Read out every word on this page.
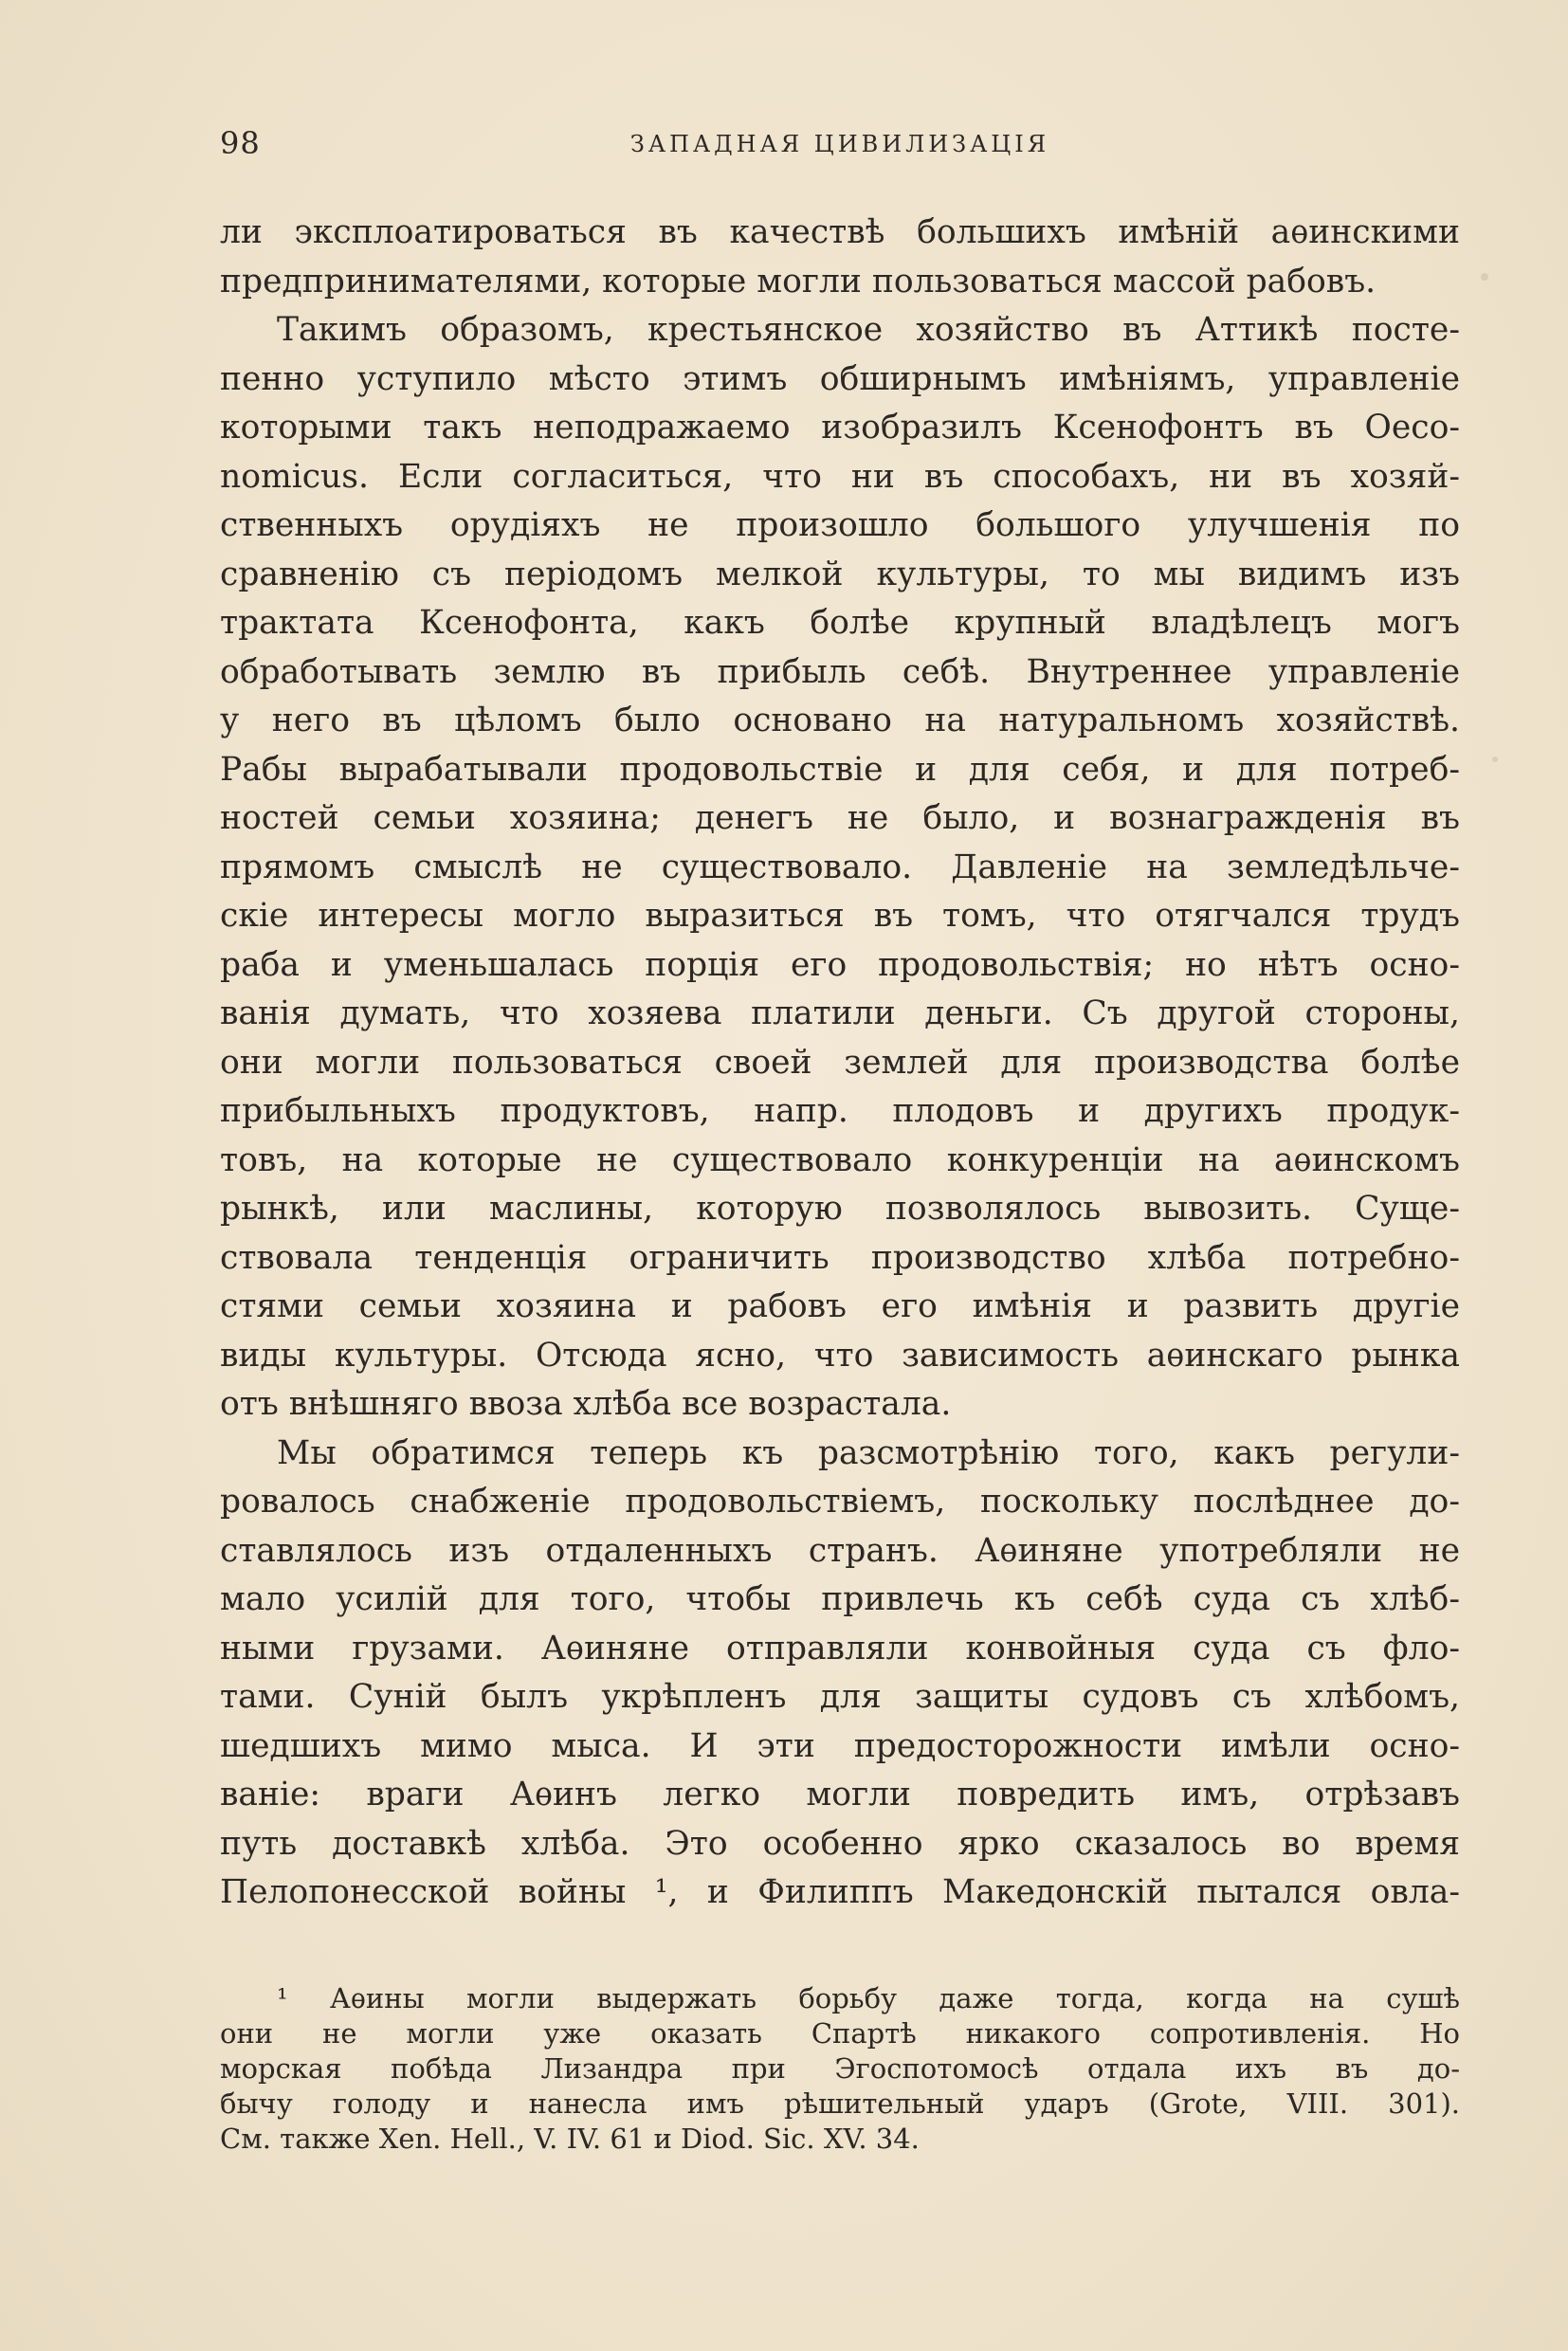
98	ЗАПАДНАЯ ЦИВИЛИЗАЦІЯ
ли эксплоатироваться въ качествѣ большихъ имѣній аѳинскими
предпринимателями, которые могли пользоваться массой рабовъ.
Такимъ образомъ, крестьянское хозяйство въ Аттикѣ посте-
пенно уступило мѣсто этимъ обширнымъ имѣніямъ, управленіе
которыми такъ неподражаемо изобразилъ Ксенофонтъ въ Oeco-
nomicus. Если согласиться, что ни въ способахъ, ни въ хозяй-
ственныхъ орудіяхъ не произошло большого улучшенія по
сравненію съ періодомъ мелкой культуры, то мы видимъ изъ
трактата Ксенофонта, какъ болѣе крупный владѣлецъ могъ
обработывать землю въ прибыль себѣ. Внутреннее управленіе
у него въ цѣломъ было основано на натуральномъ хозяйствѣ.
Рабы вырабатывали продовольствіе и для себя, и для потреб-
ностей семьи хозяина; денегъ не было, и вознагражденія въ
прямомъ смыслѣ не существовало. Давленіе на земледѣльче-
скіе интересы могло выразиться въ томъ, что отягчался трудъ
раба и уменьшалась порція его продовольствія; но нѣтъ осно-
ванія думать, что хозяева платили деньги. Съ другой стороны,
они могли пользоваться своей землей для производства болѣе
прибыльныхъ продуктовъ, напр. плодовъ и другихъ продук-
товъ, на которые не существовало конкуренціи на аѳинскомъ
рынкѣ, или маслины, которую позволялось вывозить. Суще-
ствовала тенденція ограничить производство хлѣба потребно-
стями семьи хозяина и рабовъ его имѣнія и развить другіе
виды культуры. Отсюда ясно, что зависимость аѳинскаго рынка
отъ внѣшняго ввоза хлѣба все возрастала.
Мы обратимся теперь къ разсмотрѣнію того, какъ регули-
ровалось снабженіе продовольствіемъ, поскольку послѣднее до-
ставлялось изъ отдаленныхъ странъ. Аѳиняне употребляли не
мало усилій для того, чтобы привлечь къ себѣ суда съ хлѣб-
ными грузами. Аѳиняне отправляли конвойныя суда съ фло-
тами. Суній былъ укрѣпленъ для защиты судовъ съ хлѣбомъ,
шедшихъ мимо мыса. И эти предосторожности имѣли осно-
ваніе: враги Аѳинъ легко могли повредить имъ, отрѣзавъ
путь доставкѣ хлѣба. Это особенно ярко сказалось во время
Пелопонесской войны ¹, и Филиппъ Македонскій пытался овла-
¹ Аѳины могли выдержать борьбу даже тогда, когда на сушѣ
они не могли уже оказать Спартѣ никакого сопротивленія. Но
морская побѣда Лизандра при Эгоспотомосѣ отдала ихъ въ до-
бычу голоду и нанесла имъ рѣшительный ударъ (Grote, VIII. 301).
См. также Xen. Hell., V. IV. 61 и Diod. Sic. XV. 34.
